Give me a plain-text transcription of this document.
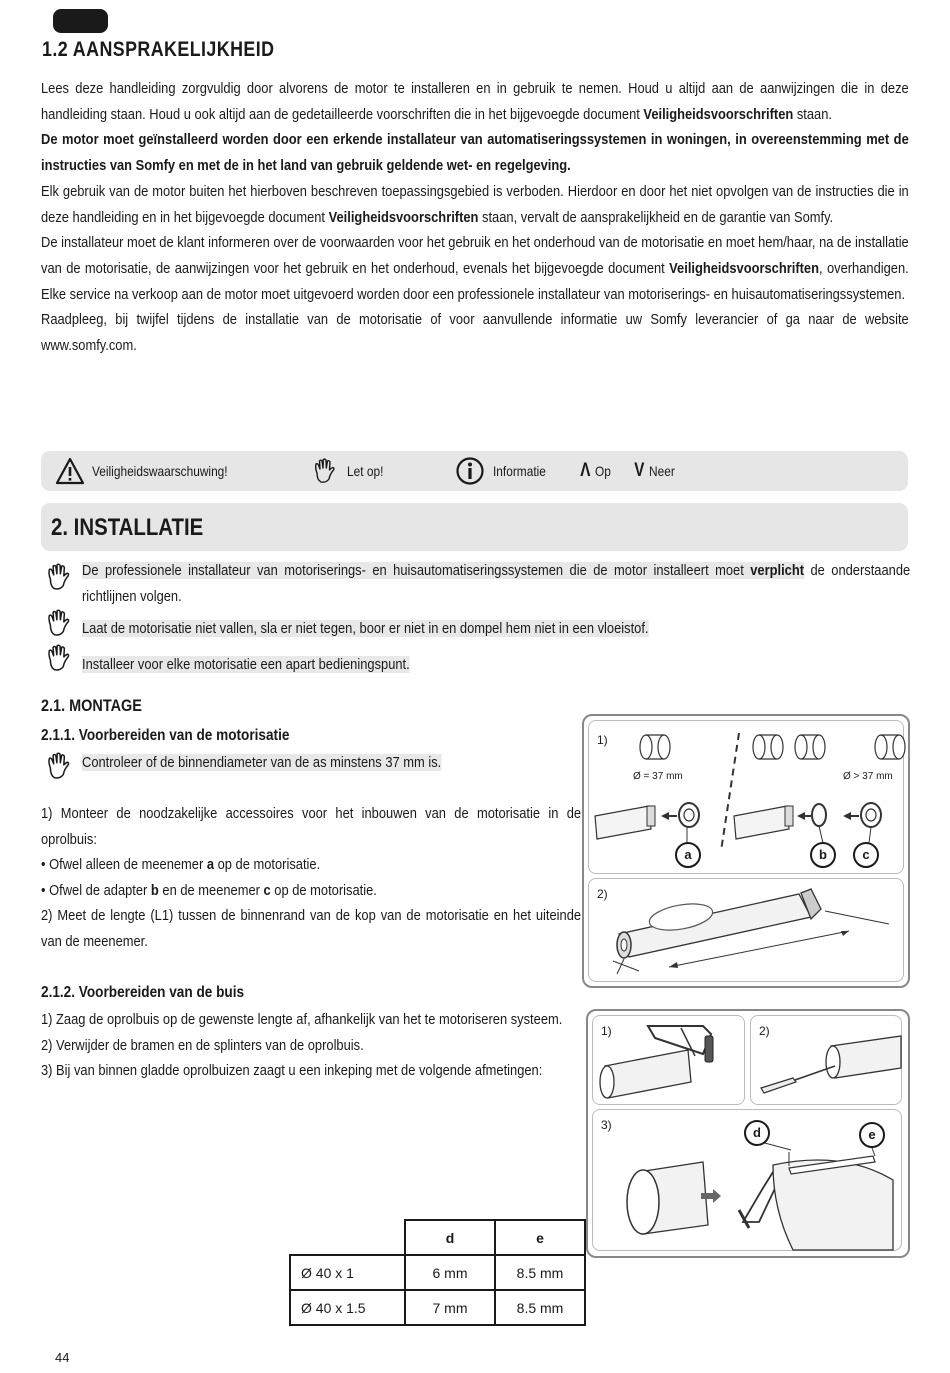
1.2 AANSPRAKELIJKHEID
Lees deze handleiding zorgvuldig door alvorens de motor te installeren en in gebruik te nemen. Houd u altijd aan de aanwijzingen die in deze handleiding staan. Houd u ook altijd aan de gedetailleerde voorschriften die in het bijgevoegde document Veiligheidsvoorschriften staan.
De motor moet geïnstalleerd worden door een erkende installateur van automatiseringssystemen in woningen, in overeenstemming met de instructies van Somfy en met de in het land van gebruik geldende wet- en regelgeving.
Elk gebruik van de motor buiten het hierboven beschreven toepassingsgebied is verboden. Hierdoor en door het niet opvolgen van de instructies die in deze handleiding en in het bijgevoegde document Veiligheidsvoorschriften staan, vervalt de aansprakelijkheid en de garantie van Somfy.
De installateur moet de klant informeren over de voorwaarden voor het gebruik en het onderhoud van de motorisatie en moet hem/haar, na de installatie van de motorisatie, de aanwijzingen voor het gebruik en het onderhoud, evenals het bijgevoegde document Veiligheidsvoorschriften, overhandigen. Elke service na verkoop aan de motor moet uitgevoerd worden door een professionele installateur van motoriserings- en huisautomatiseringssystemen.
Raadpleeg, bij twijfel tijdens de installatie van de motorisatie of voor aanvullende informatie uw Somfy leverancier of ga naar de website www.somfy.com.
Veiligheidswaarschuwing!	Let op!	Informatie Λ Op V Neer
2. INSTALLATIE
De professionele installateur van motoriserings- en huisautomatiseringssystemen die de motor installeert moet verplicht de onderstaande richtlijnen volgen.
Laat de motorisatie niet vallen, sla er niet tegen, boor er niet in en dompel hem niet in een vloeistof.
Installeer voor elke motorisatie een apart bedieningspunt.
2.1. MONTAGE
2.1.1. Voorbereiden van de motorisatie
Controleer of de binnendiameter van de as minstens 37 mm is.
1) Monteer de noodzakelijke accessoires voor het inbouwen van de motorisatie in de oprolbuis:
• Ofwel alleen de meenemer a op de motorisatie.
• Ofwel de adapter b en de meenemer c op de motorisatie.
2) Meet de lengte (L1) tussen de binnenrand van de kop van de motorisatie en het uiteinde van de meenemer.
2.1.2. Voorbereiden van de buis
1) Zaag de oprolbuis op de gewenste lengte af, afhankelijk van het te motoriseren systeem.
2) Verwijder de bramen en de splinters van de oprolbuis.
3) Bij van binnen gladde oprolbuizen zaagt u een inkeping met de volgende afmetingen:
1)
Ø = 37 mm	Ø > 37 mm
a	b	c
2)
1)	2)
3)	d	e
	d	e
Ø 40 x 1	6 mm	8.5 mm
Ø 40 x 1.5	7 mm	8.5 mm
44
